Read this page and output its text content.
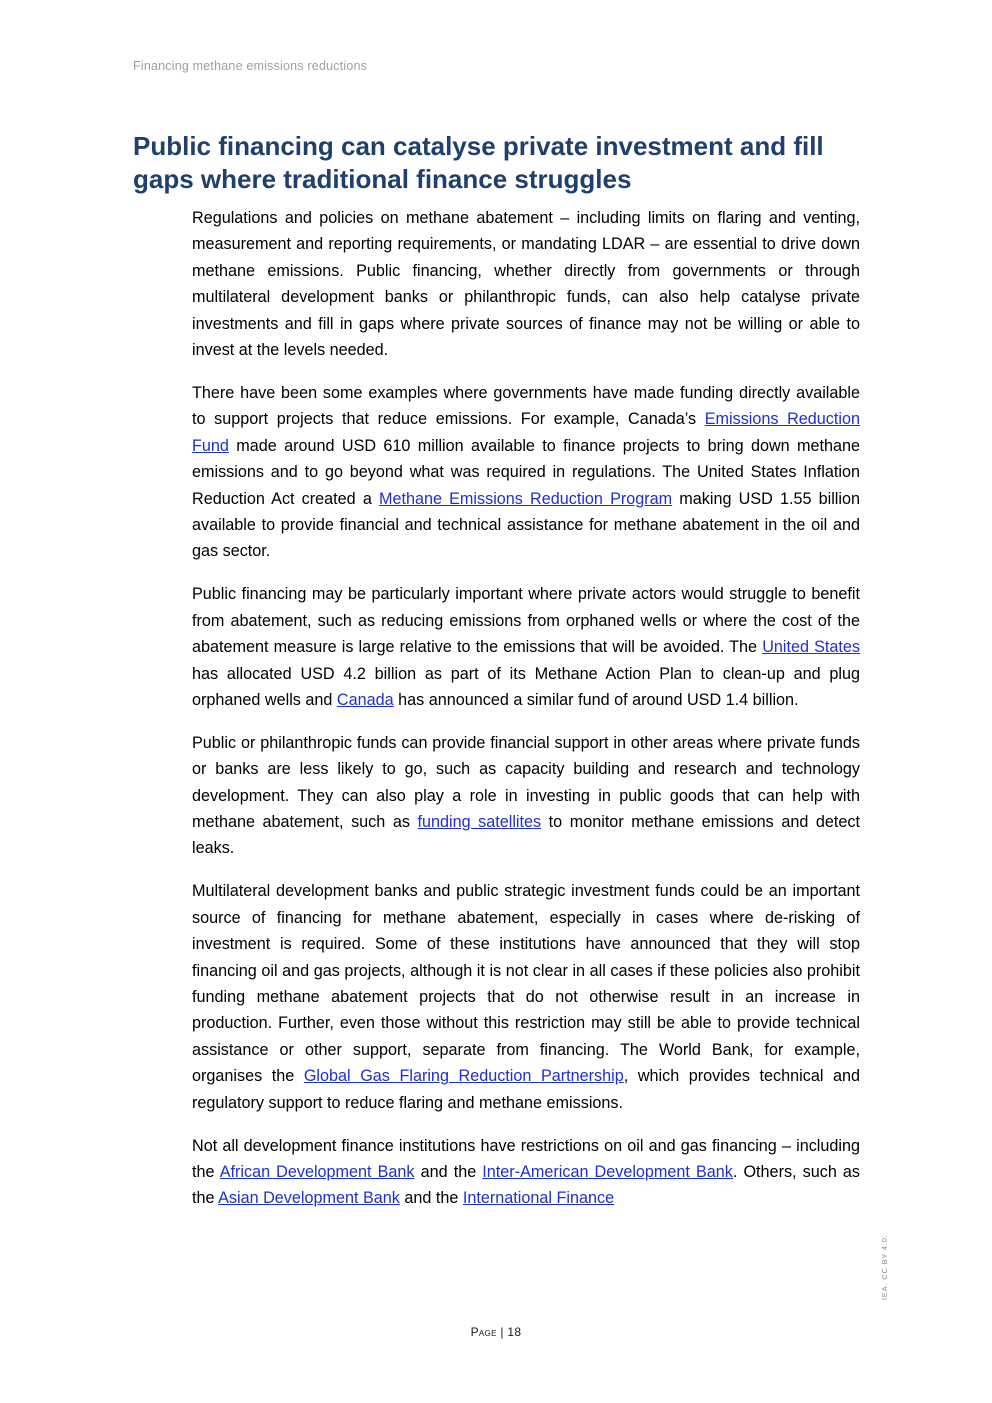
Financing methane emissions reductions
Public financing can catalyse private investment and fill gaps where traditional finance struggles

Regulations and policies on methane abatement – including limits on flaring and venting, measurement and reporting requirements, or mandating LDAR – are essential to drive down methane emissions. Public financing, whether directly from governments or through multilateral development banks or philanthropic funds, can also help catalyse private investments and fill in gaps where private sources of finance may not be willing or able to invest at the levels needed.

There have been some examples where governments have made funding directly available to support projects that reduce emissions. For example, Canada’s Emissions Reduction Fund made around USD 610 million available to finance projects to bring down methane emissions and to go beyond what was required in regulations. The United States Inflation Reduction Act created a Methane Emissions Reduction Program making USD 1.55 billion available to provide financial and technical assistance for methane abatement in the oil and gas sector.

Public financing may be particularly important where private actors would struggle to benefit from abatement, such as reducing emissions from orphaned wells or where the cost of the abatement measure is large relative to the emissions that will be avoided. The United States has allocated USD 4.2 billion as part of its Methane Action Plan to clean-up and plug orphaned wells and Canada has announced a similar fund of around USD 1.4 billion.

Public or philanthropic funds can provide financial support in other areas where private funds or banks are less likely to go, such as capacity building and research and technology development. They can also play a role in investing in public goods that can help with methane abatement, such as funding satellites to monitor methane emissions and detect leaks.

Multilateral development banks and public strategic investment funds could be an important source of financing for methane abatement, especially in cases where de-risking of investment is required. Some of these institutions have announced that they will stop financing oil and gas projects, although it is not clear in all cases if these policies also prohibit funding methane abatement projects that do not otherwise result in an increase in production. Further, even those without this restriction may still be able to provide technical assistance or other support, separate from financing. The World Bank, for example, organises the Global Gas Flaring Reduction Partnership, which provides technical and regulatory support to reduce flaring and methane emissions.

Not all development finance institutions have restrictions on oil and gas financing – including the African Development Bank and the Inter-American Development Bank. Others, such as the Asian Development Bank and the International Finance

Page | 18
IEA. CC BY 4.0.
